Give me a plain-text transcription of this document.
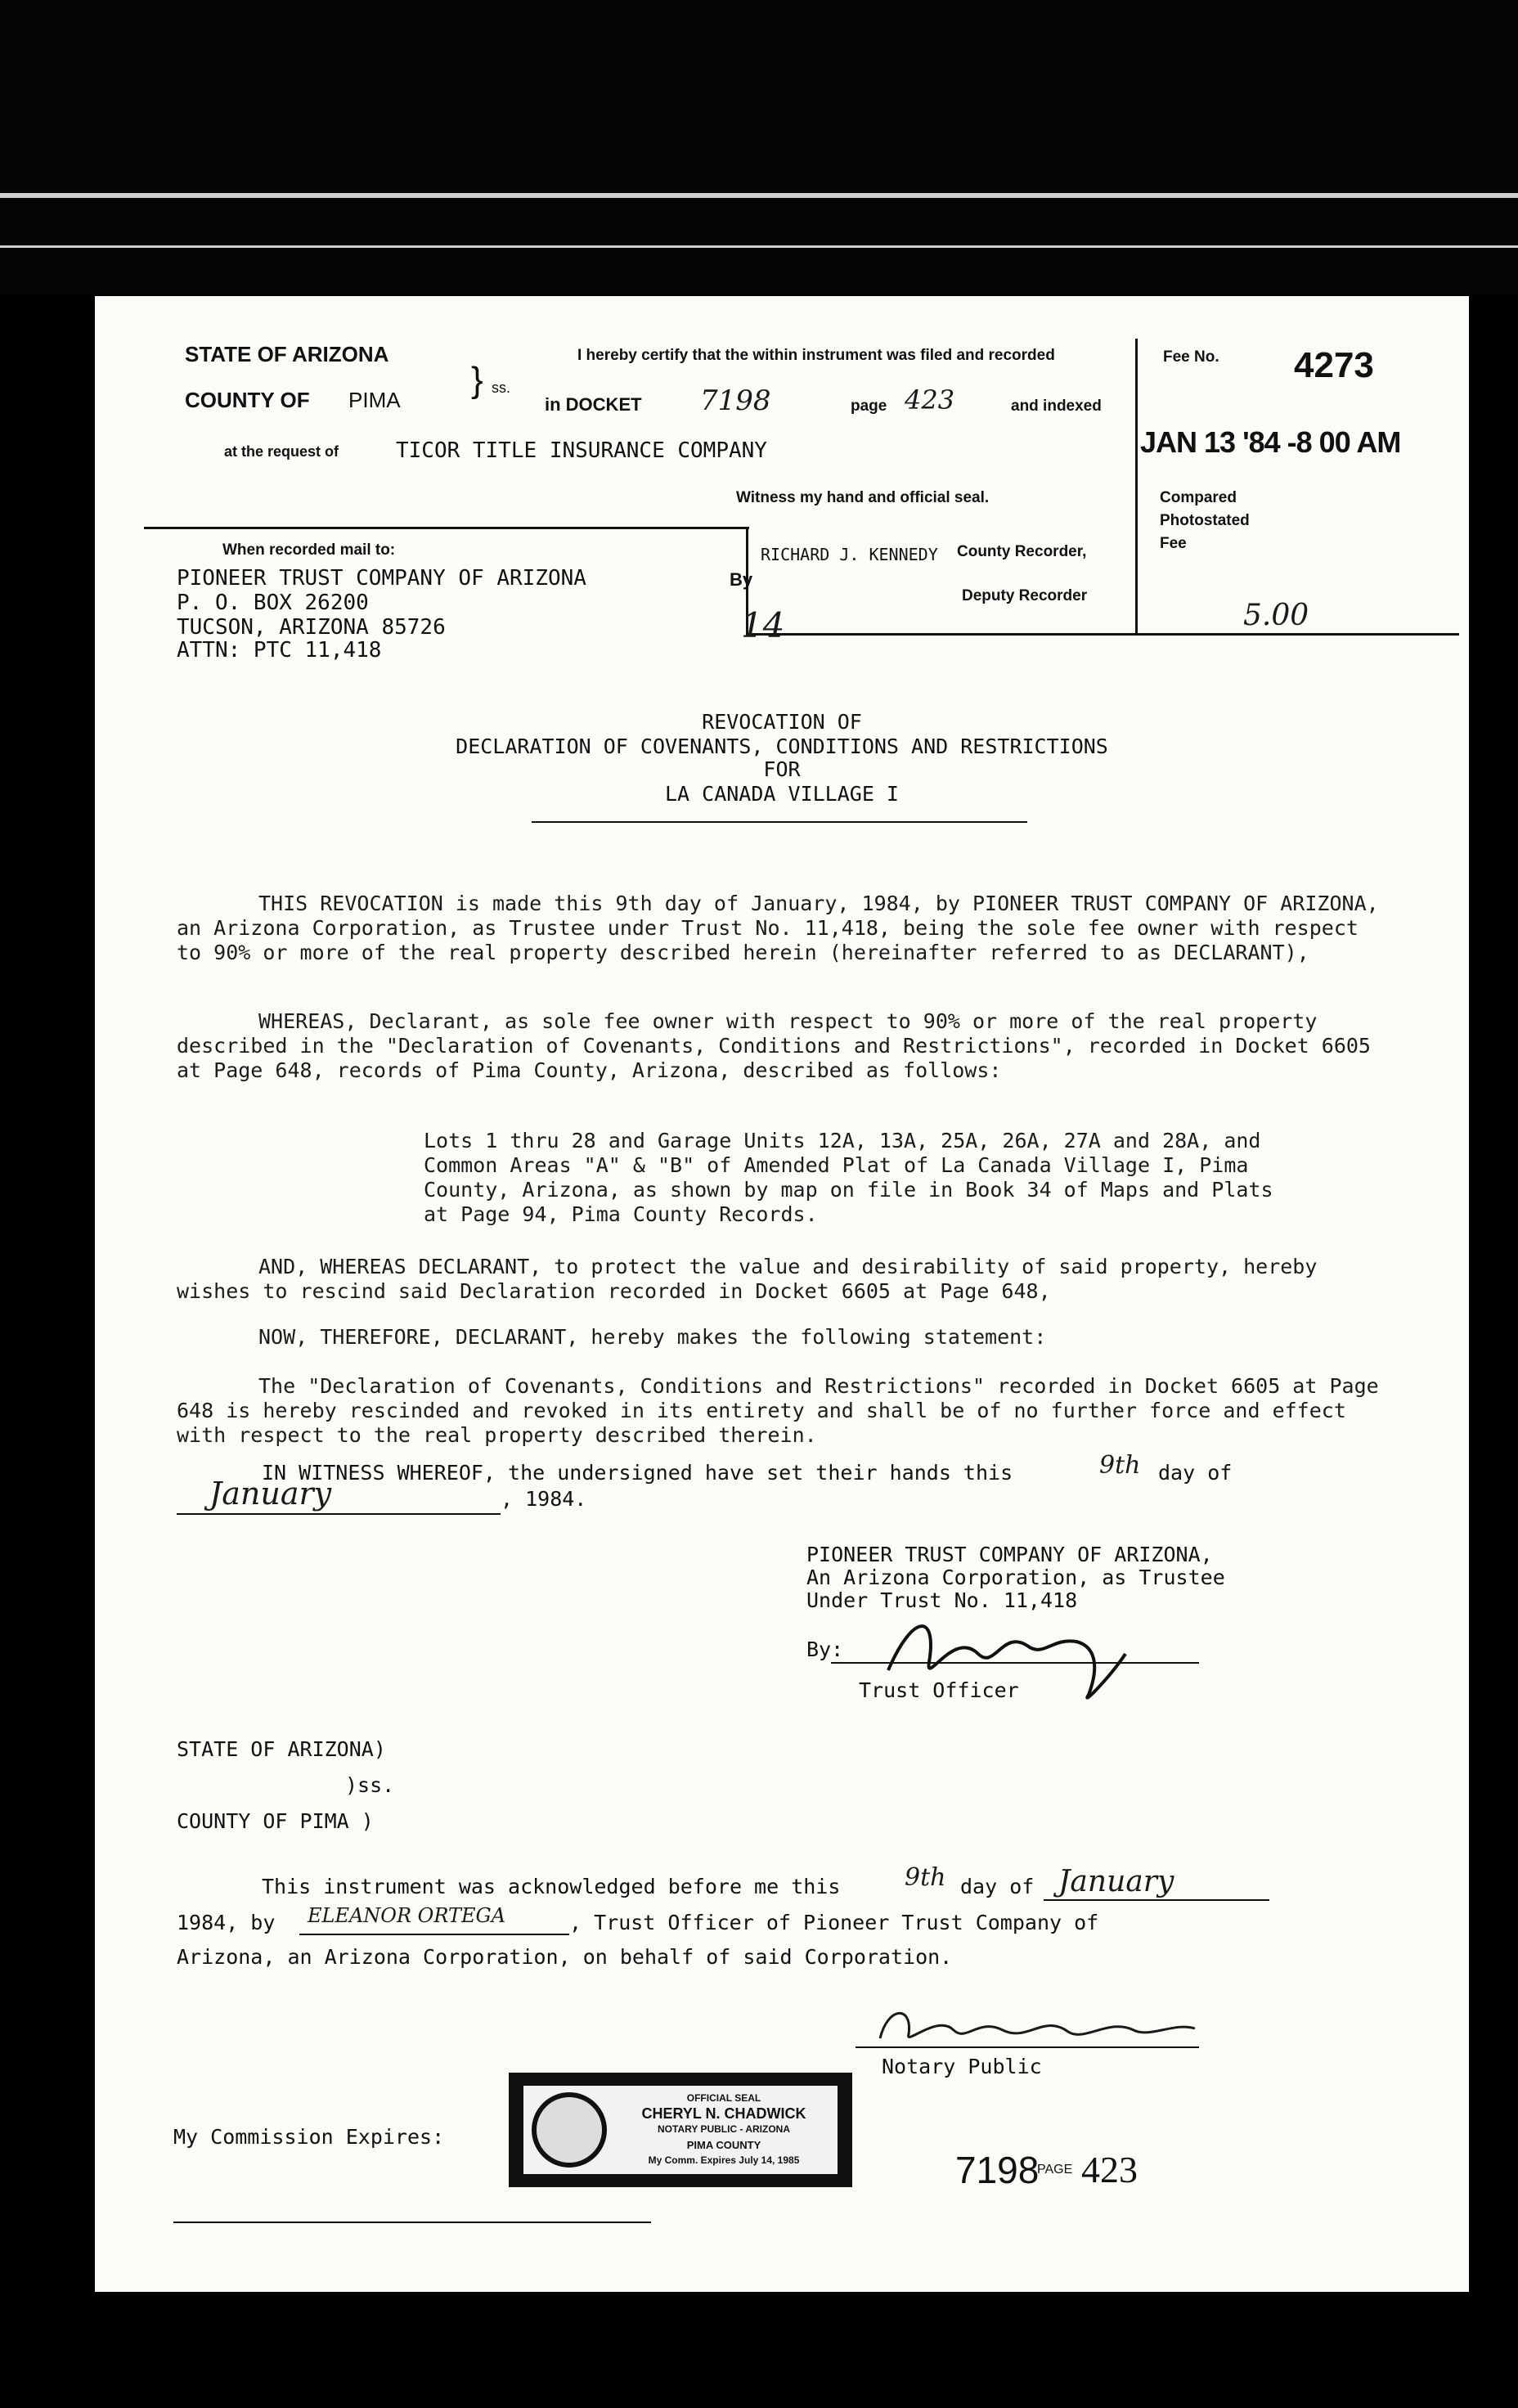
STATE OF ARIZONA
COUNTY OF PIMA } ss.
I hereby certify that the within instrument was filed and recorded
in DOCKET 7198	page 423	and indexed
at the request of	TICOR TITLE INSURANCE COMPANY
Witness my hand and official seal.
Fee No. 4273
JAN 13 '84 -8 00 AM
Compared
Photostated
Fee
5.00
When recorded mail to:
PIONEER TRUST COMPANY OF ARIZONA
P. O. BOX 26200
TUCSON, ARIZONA 85726
ATTN: PTC 11,418
By
RICHARD J. KENNEDY County Recorder,
Deputy Recorder
14
REVOCATION OF
DECLARATION OF COVENANTS, CONDITIONS AND RESTRICTIONS
FOR
LA CANADA VILLAGE I
THIS REVOCATION is made this 9th day of January, 1984, by PIONEER TRUST COMPANY OF ARIZONA, an Arizona Corporation, as Trustee under Trust No. 11,418, being the sole fee owner with respect to 90% or more of the real property described herein (hereinafter referred to as DECLARANT),
WHEREAS, Declarant, as sole fee owner with respect to 90% or more of the real property described in the "Declaration of Covenants, Conditions and Restrictions", recorded in Docket 6605 at Page 648, records of Pima County, Arizona, described as follows:
Lots 1 thru 28 and Garage Units 12A, 13A, 25A, 26A, 27A and 28A, and Common Areas "A" & "B" of Amended Plat of La Canada Village I, Pima County, Arizona, as shown by map on file in Book 34 of Maps and Plats at Page 94, Pima County Records.
AND, WHEREAS DECLARANT, to protect the value and desirability of said property, hereby wishes to rescind said Declaration recorded in Docket 6605 at Page 648,
NOW, THEREFORE, DECLARANT, hereby makes the following statement:
The "Declaration of Covenants, Conditions and Restrictions" recorded in Docket 6605 at Page 648 is hereby rescinded and revoked in its entirety and shall be of no further force and effect with respect to the real property described therein.
IN WITNESS WHEREOF, the undersigned have set their hands this	9th day of
January	, 1984.
PIONEER TRUST COMPANY OF ARIZONA,
An Arizona Corporation, as Trustee
Under Trust No. 11,418
By:
Trust Officer
STATE OF ARIZONA)
)ss.
COUNTY OF PIMA )
This instrument was acknowledged before me this	9th day of January
1984, by ELEANOR ORTEGA	, Trust Officer of Pioneer Trust Company of
Arizona, an Arizona Corporation, on behalf of said Corporation.
Notary Public
My Commission Expires:
OFFICIAL SEAL
CHERYL N. CHADWICK
NOTARY PUBLIC - ARIZONA
PIMA COUNTY
My Comm. Expires July 14, 1985	7198
PAGE 423
